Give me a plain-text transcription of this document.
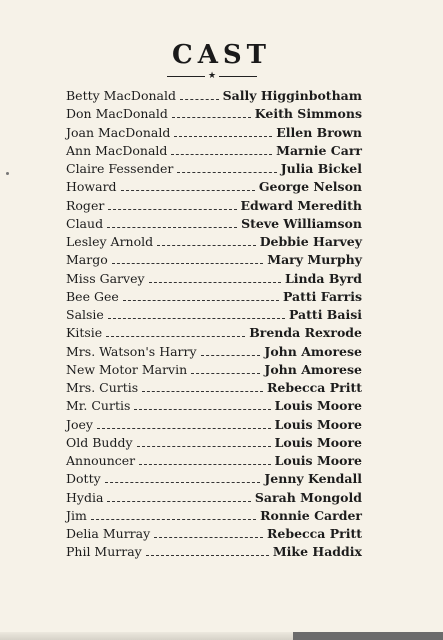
CAST
★
Betty MacDonald	Sally Higginbotham
Don MacDonald	Keith Simmons
Joan MacDonald	Ellen Brown
Ann MacDonald	Marnie Carr
Claire Fessender	Julia Bickel
Howard	George Nelson
Roger	Edward Meredith
Claud	Steve Williamson
Lesley Arnold	Debbie Harvey
Margo	Mary Murphy
Miss Garvey	Linda Byrd
Bee Gee	Patti Farris
Salsie	Patti Baisi
Kitsie	Brenda Rexrode
Mrs. Watson's Harry	John Amorese
New Motor Marvin	John Amorese
Mrs. Curtis	Rebecca Pritt
Mr. Curtis	Louis Moore
Joey	Louis Moore
Old Buddy	Louis Moore
Announcer	Louis Moore
Dotty	Jenny Kendall
Hydia	Sarah Mongold
Jim	Ronnie Carder
Delia Murray	Rebecca Pritt
Phil Murray	Mike Haddix
